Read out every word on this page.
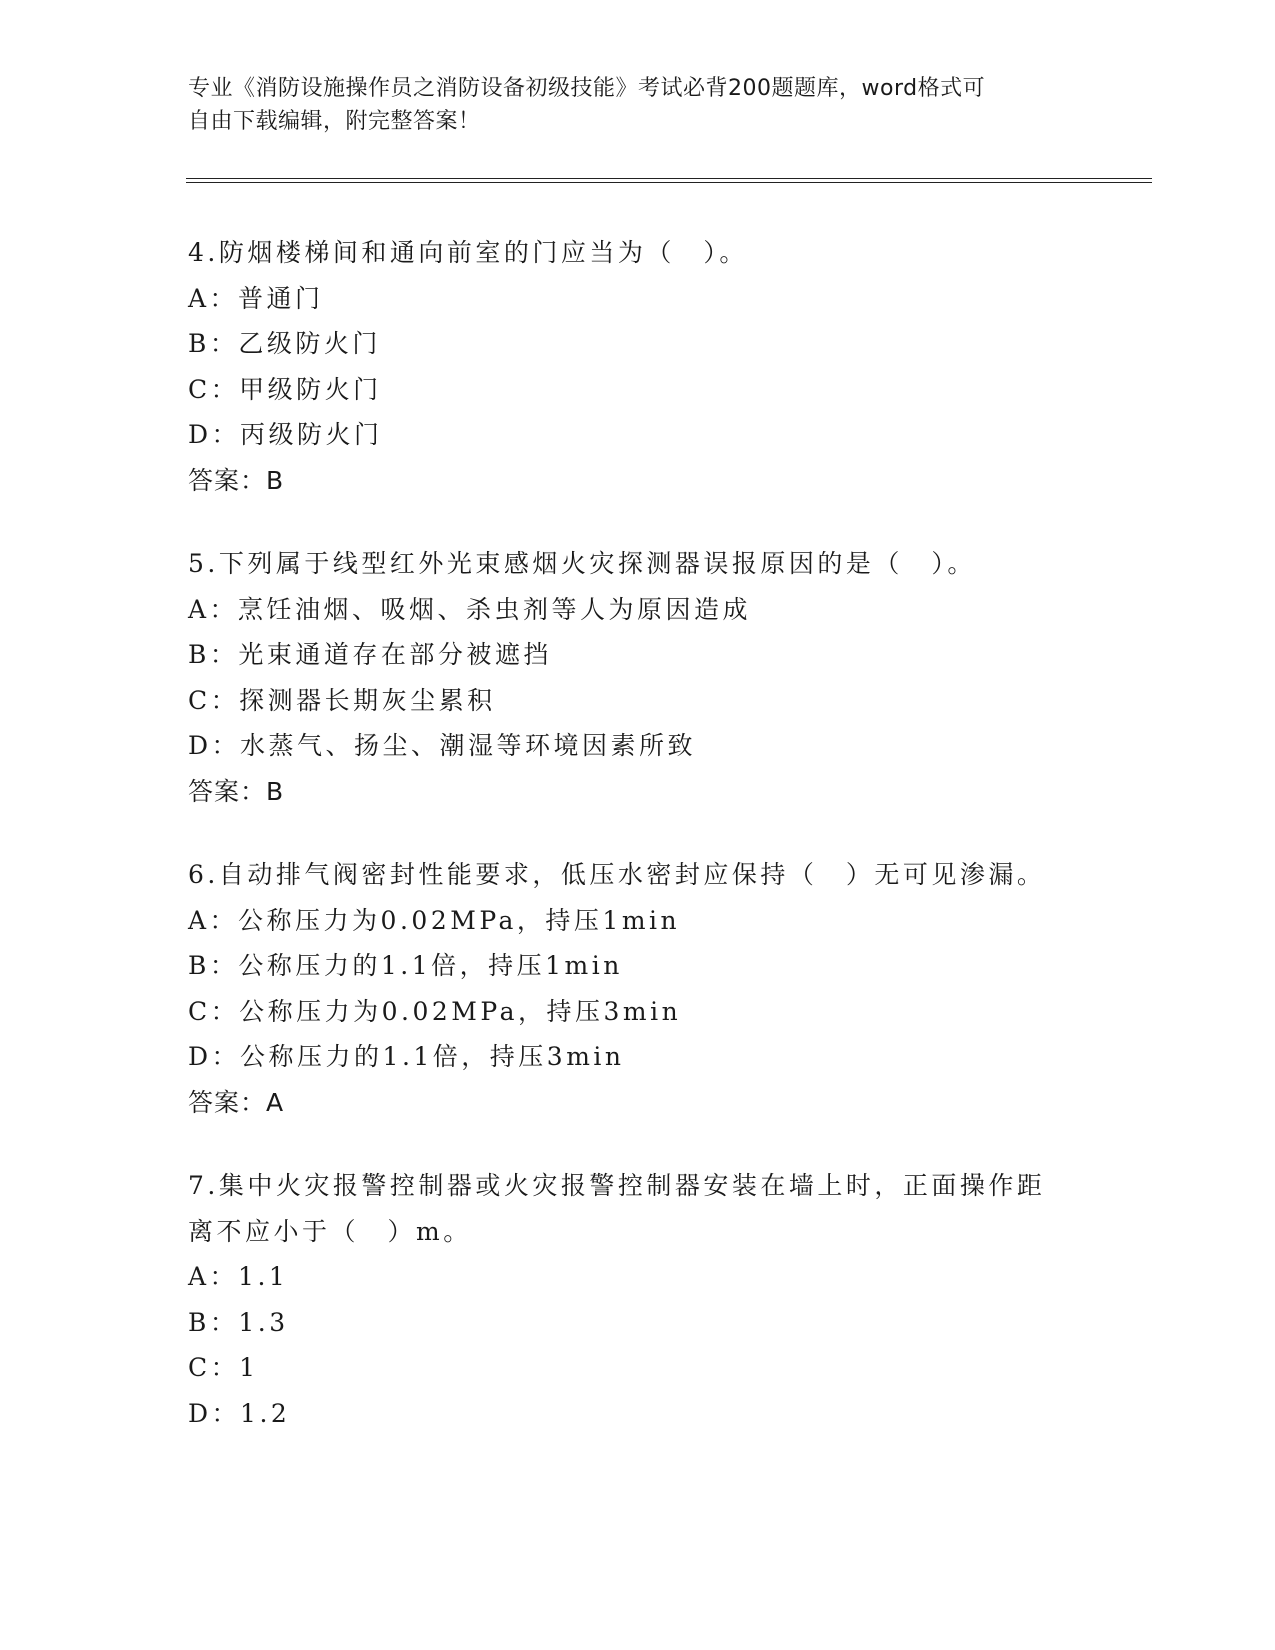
专业《消防设施操作员之消防设备初级技能》考试必背200题题库，word格式可
自由下载编辑，附完整答案！
4.防烟楼梯间和通向前室的门应当为（　）。
A：普通门
B：乙级防火门
C：甲级防火门
D：丙级防火门
答案：B
5.下列属于线型红外光束感烟火灾探测器误报原因的是（　）。
A：烹饪油烟、吸烟、杀虫剂等人为原因造成
B：光束通道存在部分被遮挡
C：探测器长期灰尘累积
D：水蒸气、扬尘、潮湿等环境因素所致
答案：B
6.自动排气阀密封性能要求，低压水密封应保持（　）无可见渗漏。
A：公称压力为0.02MPa，持压1min
B：公称压力的1.1倍，持压1min
C：公称压力为0.02MPa，持压3min
D：公称压力的1.1倍，持压3min
答案：A
7.集中火灾报警控制器或火灾报警控制器安装在墙上时，正面操作距
离不应小于（　）m。
A：1.1
B：1.3
C：1
D：1.2
